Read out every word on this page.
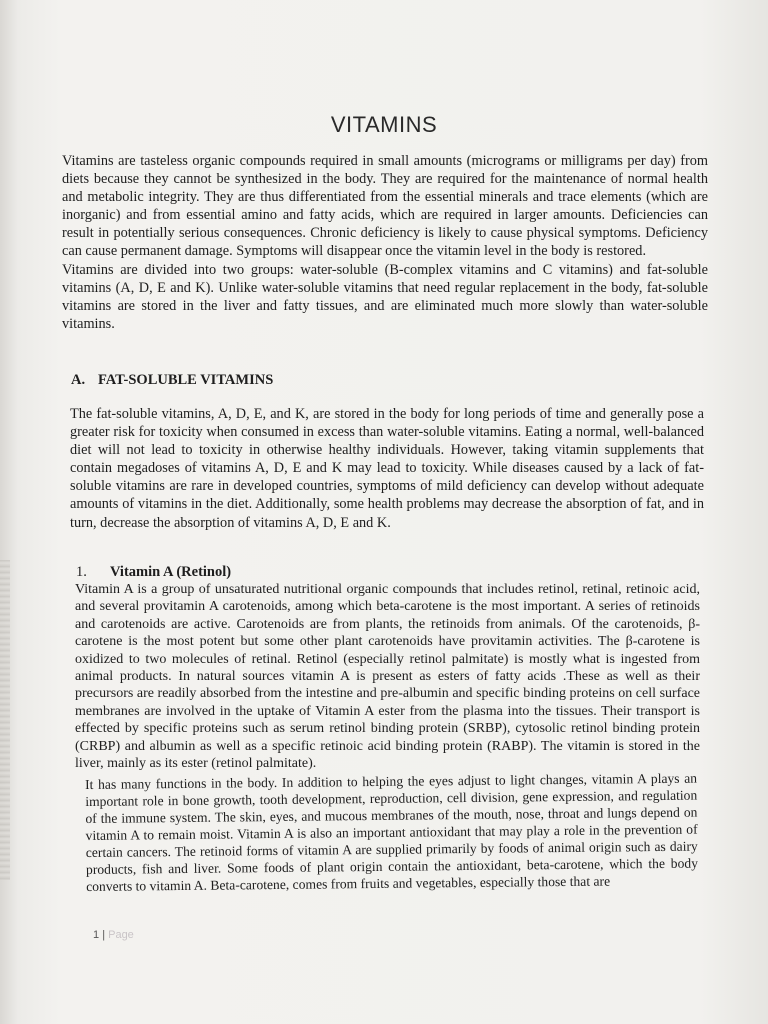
VITAMINS

Vitamins are tasteless organic compounds required in small amounts (micrograms or milligrams per day) from diets because they cannot be synthesized in the body. They are required for the maintenance of normal health and metabolic integrity. They are thus differentiated from the essential minerals and trace elements (which are inorganic) and from essential amino and fatty acids, which are required in larger amounts. Deficiencies can result in potentially serious consequences. Chronic deficiency is likely to cause physical symptoms. Deficiency can cause permanent damage. Symptoms will disappear once the vitamin level in the body is restored.

Vitamins are divided into two groups: water-soluble (B-complex vitamins and C vitamins) and fat-soluble vitamins (A, D, E and K). Unlike water-soluble vitamins that need regular replacement in the body, fat-soluble vitamins are stored in the liver and fatty tissues, and are eliminated much more slowly than water-soluble vitamins.

A. FAT-SOLUBLE VITAMINS

The fat-soluble vitamins, A, D, E, and K, are stored in the body for long periods of time and generally pose a greater risk for toxicity when consumed in excess than water-soluble vitamins. Eating a normal, well-balanced diet will not lead to toxicity in otherwise healthy individuals. However, taking vitamin supplements that contain megadoses of vitamins A, D, E and K may lead to toxicity. While diseases caused by a lack of fat-soluble vitamins are rare in developed countries, symptoms of mild deficiency can develop without adequate amounts of vitamins in the diet. Additionally, some health problems may decrease the absorption of fat, and in turn, decrease the absorption of vitamins A, D, E and K.

1. Vitamin A (Retinol)

Vitamin A is a group of unsaturated nutritional organic compounds that includes retinol, retinal, retinoic acid, and several provitamin A carotenoids, among which beta-carotene is the most important. A series of retinoids and carotenoids are active. Carotenoids are from plants, the retinoids from animals. Of the carotenoids, β-carotene is the most potent but some other plant carotenoids have provitamin activities. The β-carotene is oxidized to two molecules of retinal. Retinol (especially retinol palmitate) is mostly what is ingested from animal products. In natural sources vitamin A is present as esters of fatty acids .These as well as their precursors are readily absorbed from the intestine and pre-albumin and specific binding proteins on cell surface membranes are involved in the uptake of Vitamin A ester from the plasma into the tissues. Their transport is effected by specific proteins such as serum retinol binding protein (SRBP), cytosolic retinol binding protein (CRBP) and albumin as well as a specific retinoic acid binding protein (RABP). The vitamin is stored in the liver, mainly as its ester (retinol palmitate).

It has many functions in the body. In addition to helping the eyes adjust to light changes, vitamin A plays an important role in bone growth, tooth development, reproduction, cell division, gene expression, and regulation of the immune system. The skin, eyes, and mucous membranes of the mouth, nose, throat and lungs depend on vitamin A to remain moist. Vitamin A is also an important antioxidant that may play a role in the prevention of certain cancers. The retinoid forms of vitamin A are supplied primarily by foods of animal origin such as dairy products, fish and liver. Some foods of plant origin contain the antioxidant, beta-carotene, which the body converts to vitamin A. Beta-carotene, comes from fruits and vegetables, especially those that are

1 | Page
